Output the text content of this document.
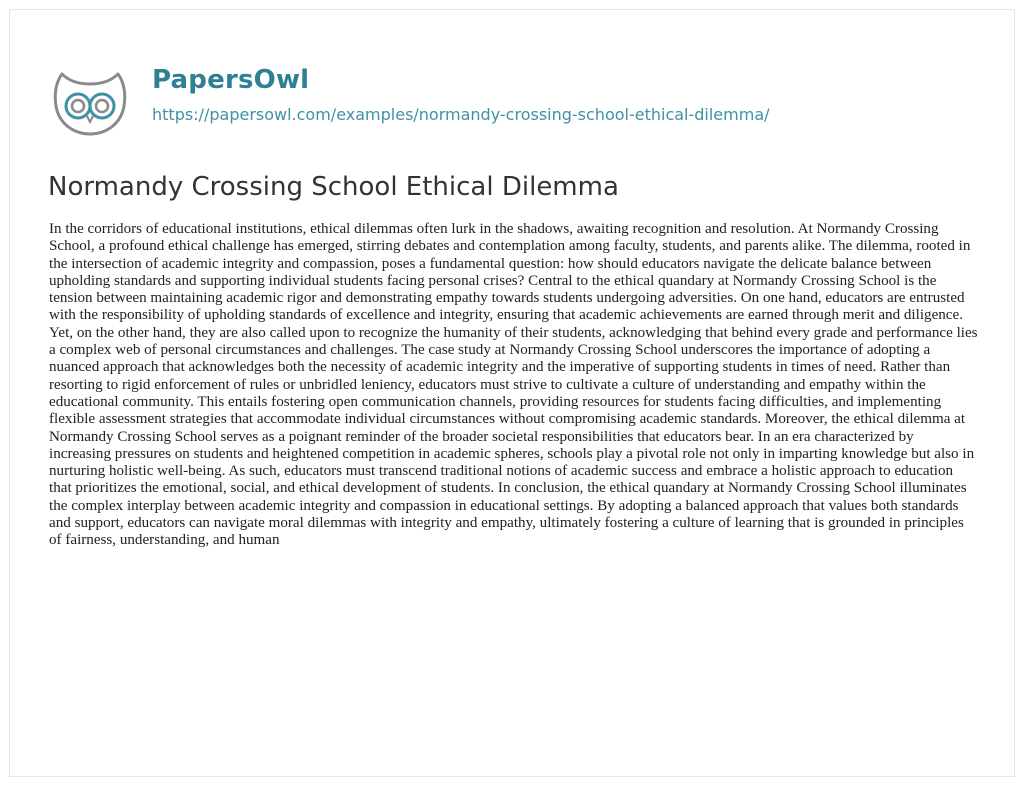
PapersOwl
https://papersowl.com/examples/normandy-crossing-school-ethical-dilemma/
Normandy Crossing School Ethical Dilemma

In the corridors of educational institutions, ethical dilemmas often lurk in the shadows, awaiting recognition and resolution. At Normandy Crossing School, a profound ethical challenge has emerged, stirring debates and contemplation among faculty, students, and parents alike. The dilemma, rooted in the intersection of academic integrity and compassion, poses a fundamental question: how should educators navigate the delicate balance between upholding standards and supporting individual students facing personal crises? Central to the ethical quandary at Normandy Crossing School is the tension between maintaining academic rigor and demonstrating empathy towards students undergoing adversities. On one hand, educators are entrusted with the responsibility of upholding standards of excellence and integrity, ensuring that academic achievements are earned through merit and diligence. Yet, on the other hand, they are also called upon to recognize the humanity of their students, acknowledging that behind every grade and performance lies a complex web of personal circumstances and challenges. The case study at Normandy Crossing School underscores the importance of adopting a nuanced approach that acknowledges both the necessity of academic integrity and the imperative of supporting students in times of need. Rather than resorting to rigid enforcement of rules or unbridled leniency, educators must strive to cultivate a culture of understanding and empathy within the educational community. This entails fostering open communication channels, providing resources for students facing difficulties, and implementing flexible assessment strategies that accommodate individual circumstances without compromising academic standards. Moreover, the ethical dilemma at Normandy Crossing School serves as a poignant reminder of the broader societal responsibilities that educators bear. In an era characterized by increasing pressures on students and heightened competition in academic spheres, schools play a pivotal role not only in imparting knowledge but also in nurturing holistic well-being. As such, educators must transcend traditional notions of academic success and embrace a holistic approach to education that prioritizes the emotional, social, and ethical development of students. In conclusion, the ethical quandary at Normandy Crossing School illuminates the complex interplay between academic integrity and compassion in educational settings. By adopting a balanced approach that values both standards and support, educators can navigate moral dilemmas with integrity and empathy, ultimately fostering a culture of learning that is grounded in principles of fairness, understanding, and human
